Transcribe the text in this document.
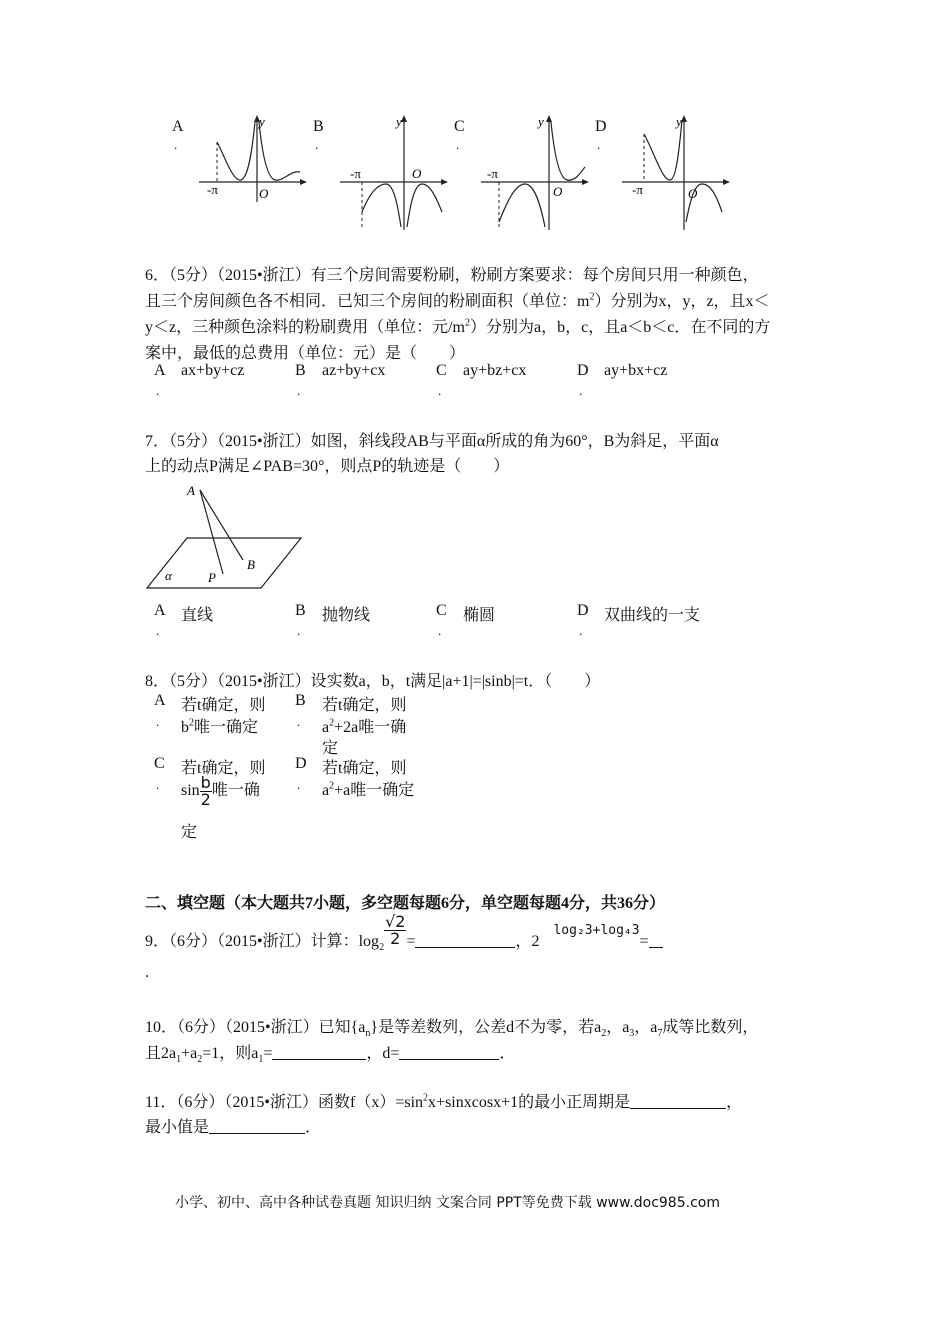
A
.
B
.
C
.
D
.
-π	O
y
-π	O
y
-π
O
y
-π	O
y
6．（5分）（2015•浙江）有三个房间需要粉刷，粉刷方案要求：每个房间只用一种颜色，
且三个房间颜色各不相同．已知三个房间的粉刷面积（单位：$m^2$）分别为x，y，z，且x＜
y＜z，三种颜色涂料的粉刷费用（单位：元$/m^2$）分别为a，b，c，且a＜b＜c．在不同的方
案中，最低的总费用（单位：元）是（　　）
A ax+by+cz
.
B az+by+cx
.
C ay+bz+cx
.
D ay+bx+cz
.
7．（5分）（2015•浙江）如图，斜线段AB与平面α所成的角为60°，B为斜足，平面α
上的动点P满足∠PAB=30°，则点P的轨迹是（　　）
A
B
P
α
A 直线
.
B 抛物线
.
C 椭圆
.
D 双曲线的一支
.
8．（5分）（2015•浙江）设实数a，b，t满足|a+1|=|sinb|=t．（　　）
A
.
若t确定，则
$b^2$唯一确定
B
.
若t确定，则
$a^2+2a$唯一确
定
C
.
若t确定，则
$\sin \frac{b}{2}$ 唯一确
定
D
.
若t确定，则
$a^2+a$唯一确定
二、填空题（本大题共7小题，多空题每题6分，单空题每题4分，共36分）
9．（6分）（2015•浙江）计算：$\log_2$
$\frac{√2}{2}$ =	，2log₂3+log₄3=
.
10．（6分）（2015•浙江）已知$\{a_n\}$是等差数列，公差d不为零，若$a_2$，$a_3$，$a_7$成等比数列，
且$2a_1+a_2=1$，则$a_1=$	，d=	．
11．（6分）（2015•浙江）函数$f(x)=\sin^2x+sinxcosx+1$的最小正周期是	，
最小值是	．
小学、初中、高中各种试卷真题 知识归纳 文案合同 PPT等免费下载 www.doc985.com
